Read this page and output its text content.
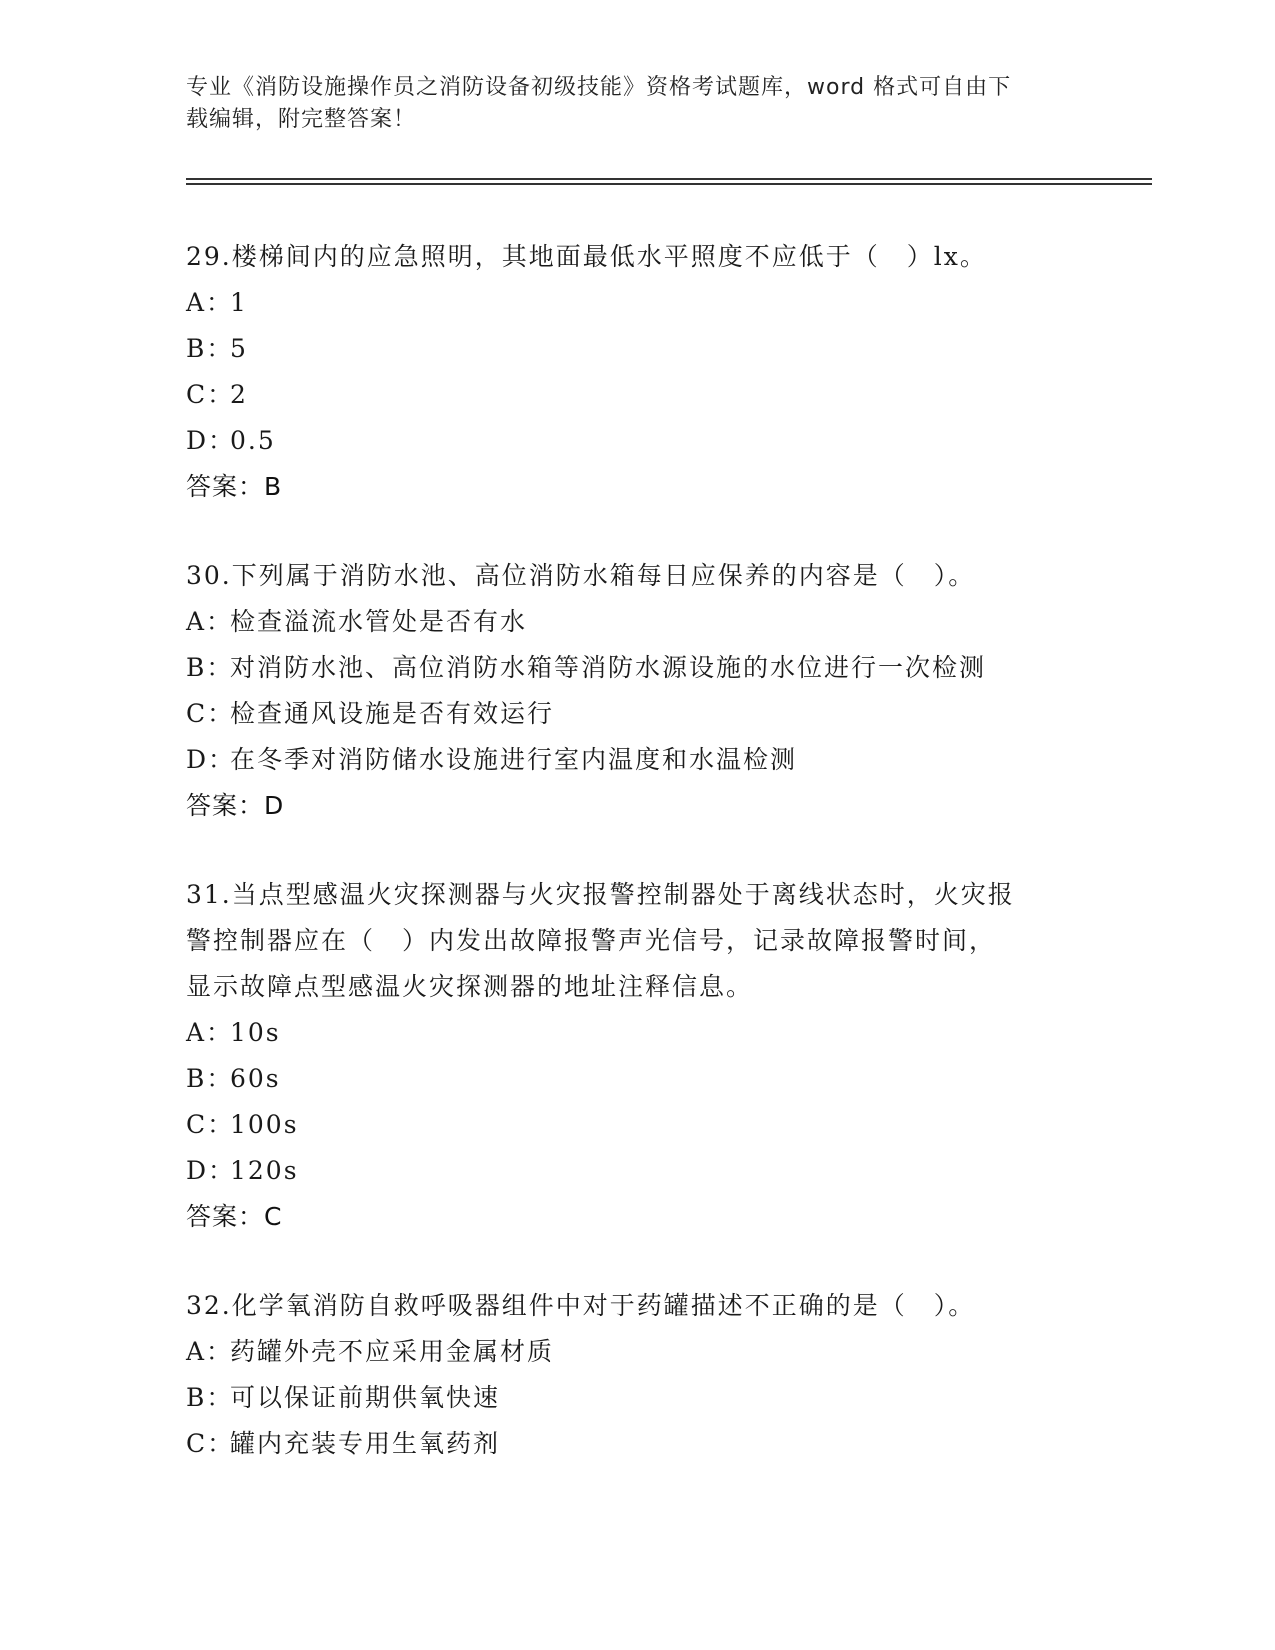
专业《消防设施操作员之消防设备初级技能》资格考试题库，word 格式可自由下
载编辑，附完整答案！

29.楼梯间内的应急照明，其地面最低水平照度不应低于（　）lx。

A：1

B：5

C：2

D：0.5

答案：B

30.下列属于消防水池、高位消防水箱每日应保养的内容是（　）。

A：检查溢流水管处是否有水

B：对消防水池、高位消防水箱等消防水源设施的水位进行一次检测

C：检查通风设施是否有效运行

D：在冬季对消防储水设施进行室内温度和水温检测

答案：D

31.当点型感温火灾探测器与火灾报警控制器处于离线状态时，火灾报

警控制器应在（　）内发出故障报警声光信号，记录故障报警时间，

显示故障点型感温火灾探测器的地址注释信息。

A：10s

B：60s

C：100s

D：120s

答案：C

32.化学氧消防自救呼吸器组件中对于药罐描述不正确的是（　）。

A：药罐外壳不应采用金属材质

B：可以保证前期供氧快速

C：罐内充装专用生氧药剂
